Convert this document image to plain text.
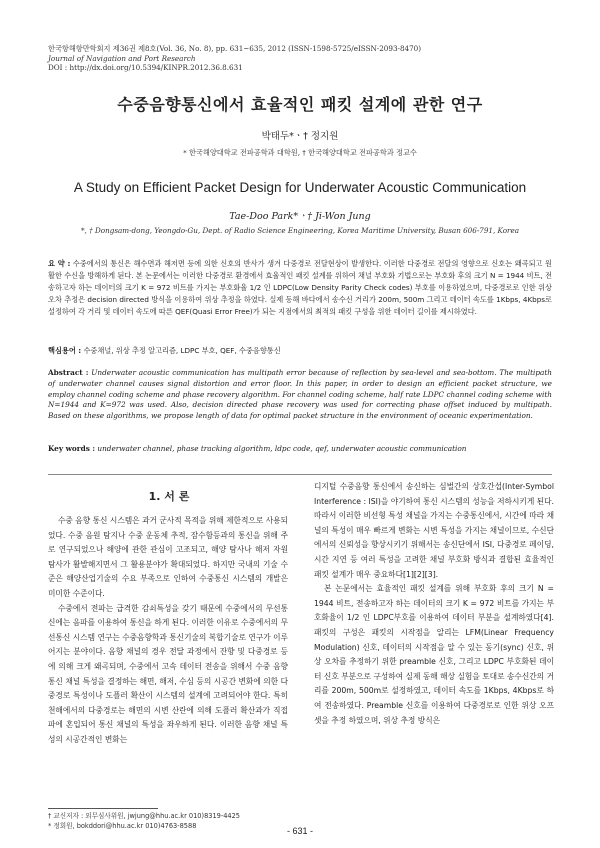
한국항해항만학회지 제36권 제8호(Vol. 36, No. 8), pp. 631~635, 2012 (ISSN-1598-5725/eISSN-2093-8470)
Journal of Navigation and Port Research
DOI : http://dx.doi.org/10.5394/KINPR.2012.36.8.631
수중음향통신에서 효율적인 패킷 설계에 관한 연구
박태두*ㆍ† 정지원
* 한국해양대학교 전파공학과 대학원, † 한국해양대학교 전파공학과 정교수
A Study on Efficient Packet Design for Underwater Acoustic Communication
Tae-Doo Park*ㆍ† Ji-Won Jung
*, † Dongsam-dong, Yeongdo-Gu, Dept. of Radio Science Engineering, Korea Maritime University, Busan 606-791, Korea
요 약 : 수중에서의 통신은 해수면과 해저면 등에 의한 신호의 반사가 생겨 다중경로 전달현상이 발생한다. 이러한 다중경로 전달의 영향으로 신호는 왜곡되고 원활한 수신을 방해하게 된다. 본 논문에서는 이러한 다중경로 환경에서 효율적인 패킷 설계를 위하여 채널 부호화 기법으로는 부호화 후의 크기 N = 1944 비트, 전송하고자 하는 데이터의 크기 K = 972 비트를 가지는 부호화율 1/2 인 LDPC(Low Density Parity Check codes) 부호를 이용하였으며, 다중경로로 인한 위상 오차 추정은 decision directed 방식을 이용하여 위상 추정을 하였다. 실제 동해 바다에서 송수신 거리가 200m, 500m 그리고 데이터 속도를 1Kbps, 4Kbps로 설정하여 각 거리 및 데이터 속도에 따른 QEF(Quasi Error Free)가 되는 지점에서의 최적의 패킷 구성을 위한 데이터 길이를 제시하였다.
핵심용어 : 수중채널, 위상 추정 알고리즘, LDPC 부호, QEF, 수중음향통신
Abstract : Underwater acoustic communication has multipath error because of reflection by sea-level and sea-bottom. The multipath of underwater channel causes signal distortion and error floor. In this paper, in order to design an efficient packet structure, we employ channel coding scheme and phase recovery algorithm. For channel coding scheme, half rate LDPC channel coding scheme with N=1944 and K=972 was used. Also, decision directed phase recovery was used for correcting phase offset induced by multipath. Based on these algorithms, we propose length of data for optimal packet structure in the environment of oceanic experimentation.
Key words : underwater channel, phase tracking algorithm, ldpc code, qef, underwater acoustic communication
1. 서 론

수중 음향 통신 시스템은 과거 군사적 목적을 위해 제한적으로 사용되었다. 수중 음원 탐지나 수중 운동체 추적, 잠수함등과의 통신을 위해 주로 연구되었으나 해양에 관한 관심이 고조되고, 해양 탐사나 해저 자원 탐사가 활발해지면서 그 활용분야가 확대되었다. 하지만 국내의 기술 수준은 해양산업기술의 수요 부족으로 인하여 수중통신 시스템의 개발은 미미한 수준이다.

수중에서 전파는 급격한 감쇠특성을 갖기 때문에 수중에서의 무선통신에는 음파를 이용하여 통신을 하게 된다. 이러한 이유로 수중에서의 무선통신 시스템 연구는 수중음향학과 통신기술의 복합기술로 연구가 이루어지는 분야이다. 음향 채널의 경우 전달 과정에서 잔향 및 다중경로 등에 의해 크게 왜곡되며, 수중에서 고속 데이터 전송을 위해서 수중 음향 통신 채널 특성을 결정하는 해면, 해저, 수심 등의 시공간 변화에 의한 다중경로 특성이나 도플러 확산이 시스템의 설계에 고려되어야 한다. 특히 천해에서의 다중경로는 해면의 시변 산란에 의해 도플러 확산과가 직접파에 혼입되어 통신 채널의 특성을 좌우하게 된다. 이러한 음향 채널 특성의 시공간적인 변화는

디지털 수중음향 통신에서 송신하는 심벌간의 상호간섭(Inter-Symbol Interference : ISI)을 야기하여 통신 시스템의 성능을 저하시키게 된다. 따라서 이러한 비선형 특성 채널을 가지는 수중통신에서, 시간에 따라 채널의 특성이 매우 빠르게 변화는 시변 특성을 가지는 채널이므로, 수신단에서의 신뢰성을 향상시키기 위해서는 송신단에서 ISI, 다중경로 페이딩, 시간 지연 등 여러 특성을 고려한 채널 부호화 방식과 결합된 효율적인 패킷 설계가 매우 중요하다[1][2][3].

본 논문에서는 효율적인 패킷 설계를 위해 부호화 후의 크기 N = 1944 비트, 전송하고자 하는 데이터의 크기 K = 972 비트를 가지는 부호화율이 1/2 인 LDPC부호를 이용하여 데이터 부분을 설계하였다[4]. 패킷의 구성은 패킷의 시작점을 알리는 LFM(Linear Frequency Modulation) 신호, 데이터의 시작점을 알 수 있는 동기(sync) 신호, 위상 오차를 추정하기 위한 preamble 신호, 그리고 LDPC 부호화된 데이터 신호 부분으로 구성하여 실제 동해 해상 실험을 토대로 송수신간의 거리를 200m, 500m로 설정하였고, 데이터 속도를 1Kbps, 4Kbps로 하여 전송하였다. Preamble 신호를 이용하여 다중경로로 인한 위상 오프셋을 추정 하였으며, 위상 추정 방식은

† 교신저자 : 외무심사위원, jwjung@hhu.ac.kr 010)8319-4425
* 정회원, bokddori@hhu.ac.kr 010)4763-8588
- 631 -
